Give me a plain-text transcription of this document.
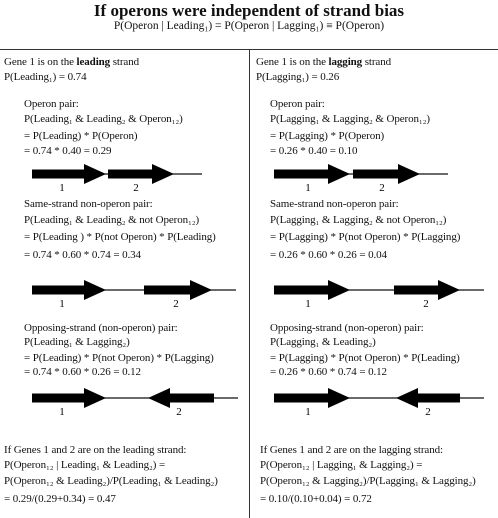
If operons were independent of strand bias
P(Operon | Leading₁) = P(Operon | Lagging₁) ≡ P(Operon)
Gene 1 is on the leading strand
P(Leading₁) = 0.74
Operon pair:
P(Leading₁ & Leading₂ & Operon₁₂)
= P(Leading) * P(Operon)
= 0.74 * 0.40 = 0.29
1	2
Same-strand non-operon pair:
P(Leading₁ & Leading₂ & not Operon₁₂)
= P(Leading ) * P(not Operon) * P(Leading)
= 0.74 * 0.60 * 0.74 = 0.34
1	2
Opposing-strand (non-operon) pair:
P(Leading₁ & Lagging₂)
= P(Leading) * P(not Operon) * P(Lagging)
= 0.74 * 0.60 * 0.26 = 0.12
1	2
If Genes 1 and 2 are on the leading strand:
P(Operon₁₂ | Leading₁ & Leading₂) =
P(Operon₁₂ & Leading₂)/P(Leading₁ & Leading₂)
= 0.29/(0.29+0.34) = 0.47
Gene 1 is on the lagging strand
P(Lagging₁) = 0.26
Operon pair:
P(Lagging₁ & Lagging₂ & Operon₁₂)
= P(Lagging) * P(Operon)
= 0.26 * 0.40 = 0.10
1	2
Same-strand non-operon pair:
P(Lagging₁ & Lagging₂ & not Operon₁₂)
= P(Lagging) * P(not Operon) * P(Lagging)
= 0.26 * 0.60 * 0.26 = 0.04
1	2
Opposing-strand (non-operon) pair:
P(Lagging₁ & Leading₂)
= P(Lagging) * P(not Operon) * P(Leading)
= 0.26 * 0.60 * 0.74 = 0.12
1	2
If Genes 1 and 2 are on the lagging strand:
P(Operon₁₂ | Lagging₁ & Lagging₂) =
P(Operon₁₂ & Lagging₂)/P(Lagging₁ & Lagging₂)
= 0.10/(0.10+0.04) = 0.72
